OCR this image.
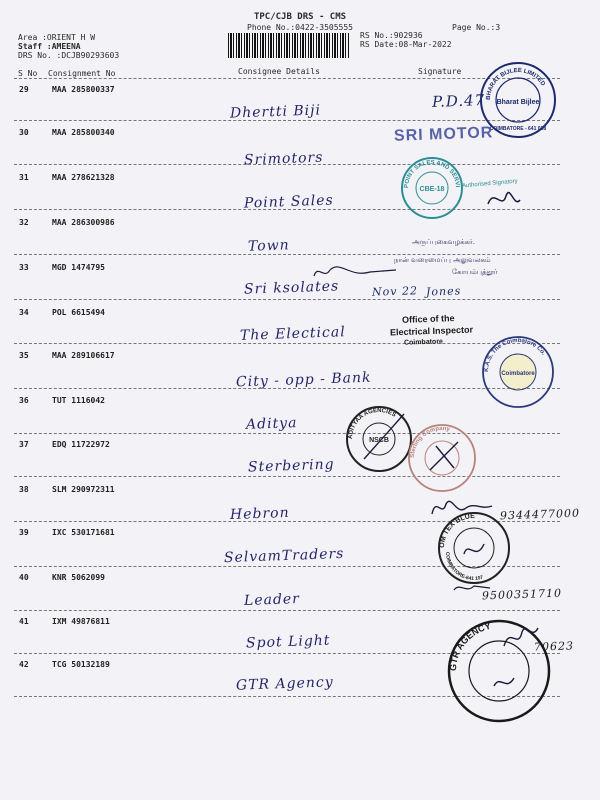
TPC/CJB DRS - CMS
Phone No.:0422-3505555	Page No.:3
Area :ORIENT H W
Staff :AMEENA
DRS No. :DCJB90293603
RS No.:902936
RS Date:08-Mar-2022
S No Consignment No	Consignee Details	Signature
29	MAA 285800337
Dhertti Biji
30	MAA 285800340
Srimotors
31	MAA 278621328
Point Sales
32	MAA 286300986
Town
33	MGD 1474795
Sri ksolates
34	POL 6615494
The Electical
35	MAA 289106617
City - opp - Bank
36	TUT 1116042
Aditya
37	EDQ 11722972
Sterbering
38	SLM 290972311
Hebron
39	IXC 530171681
SelvamTraders
40	KNR 5062099
Leader
41	IXM 49876811
Spot Light
42	TCG 50132189
GTR Agency
BHARAT BIJLEE LIMITED
Bharat Bijlee
COIMBATORE - 641 018
P.D.47
SRI MOTOR
POINT SALES AND SERVICE
CBE-18
Authorised Signatory
அருப்புகைவழக்கர்.
நான் வரைமைப்பு அலுவலகம்
கோயம்புத்தூர்
Nov 22 Jones
Office of the
Electrical Inspector
Coimbatore
K.A.S. The Coimbatore Co.
Coimbatore
ADITYAA AGENCIES
NSCB
Sterling Company
9344477000
OM TEX BLUE
COIMBATORE-641 107
9500351710
GTR AGENCY
70623
